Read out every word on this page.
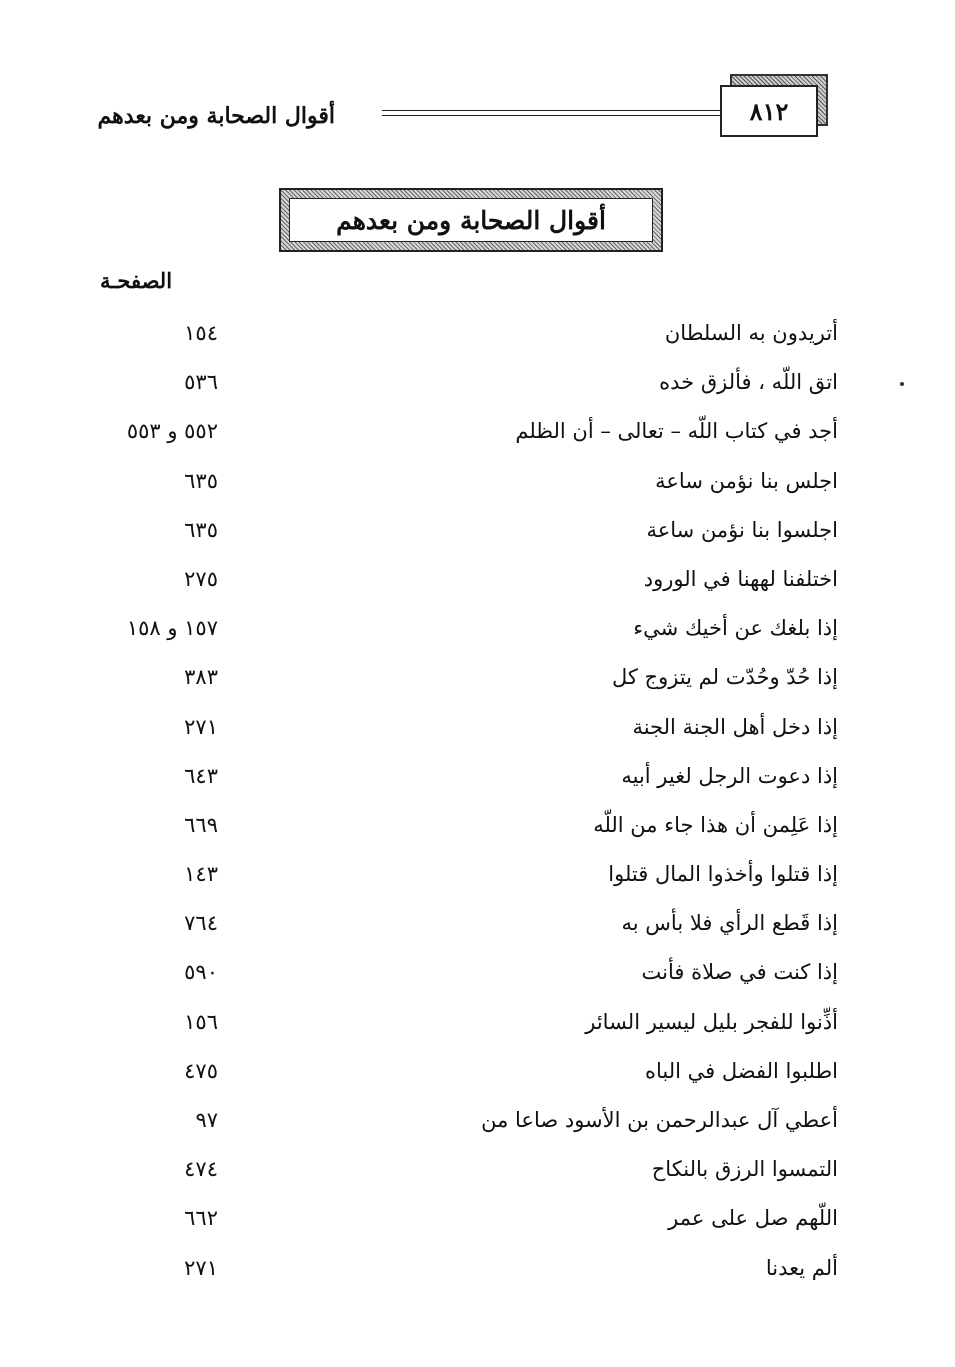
٨١٢
أقوال الصحابة ومن بعدهم
أقوال الصحابة ومن بعدهم
الصفحـة
أتريدون به السلطان
١٥٤
اتق اللّه ، فألزق خده
٥٣٦
أجد في كتاب اللّه – تعالى – أن الظلم
٥٥٢ و ٥٥٣
اجلس بنا نؤمن ساعة
٦٣٥
اجلسوا بنا نؤمن ساعة
٦٣٥
اختلفنا لههنا في الورود
٢٧٥
إذا بلغك عن أخيك شيء
١٥٧ و ١٥٨
إذا حُدّ وحُدّت لم يتزوج كل
٣٨٣
إذا دخل أهل الجنة الجنة
٢٧١
إذا دعوت الرجل لغير أبيه
٦٤٣
إذا عَلِمن أن هذا جاء من اللّه
٦٦٩
إذا قتلوا وأخذوا المال قتلوا
١٤٣
إذا قَطع الرأي فلا بأس به
٧٦٤
إذا كنت في صلاة فأنت
٥٩٠
أذِّنوا للفجر بليل ليسير السائر
١٥٦
اطلبوا الفضل في الباه
٤٧٥
أعطي آل عبدالرحمن بن الأسود صاعا من
٩٧
التمسوا الرزق بالنكاح
٤٧٤
اللّهم صل على عمر
٦٦٢
ألم يعدنا
٢٧١
